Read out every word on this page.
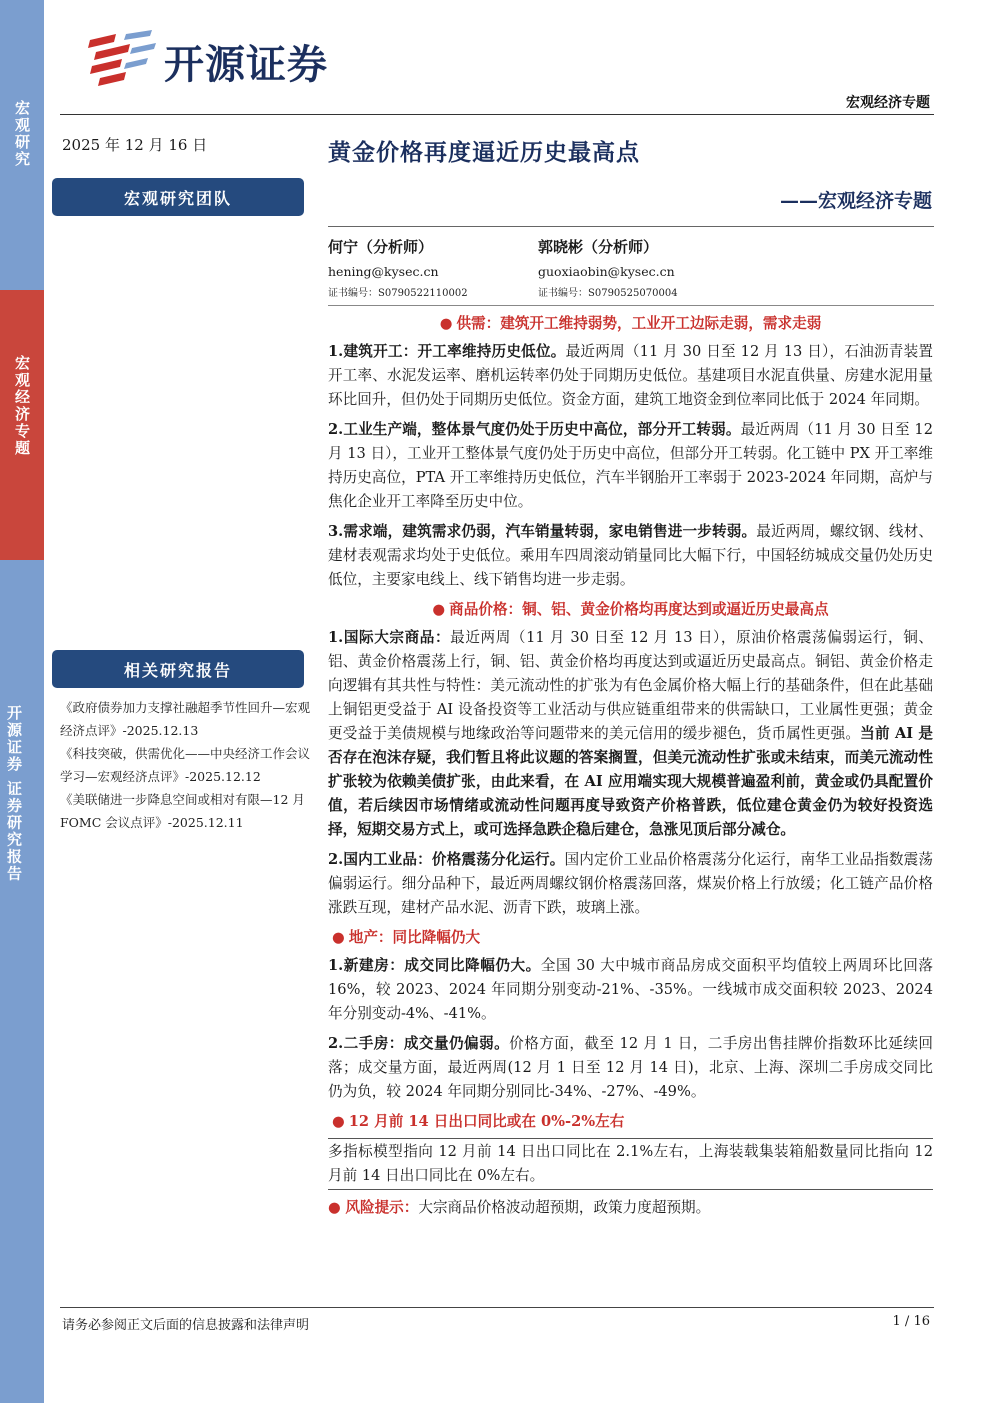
宏观研究
宏观经济专题
开源证券 证券研究报告
开源证券
宏观经济专题
2025 年 12 月 16 日
宏观研究团队
相关研究报告
《政府债券加力支撑社融超季节性回升—宏观经济点评》-2025.12.13
《科技突破，供需优化——中央经济工作会议学习—宏观经济点评》-2025.12.12
《美联储进一步降息空间或相对有限—12 月 FOMC 会议点评》-2025.12.11
黄金价格再度逼近历史最高点
——宏观经济专题
何宁（分析师）
hening@kysec.cn
证书编号：S0790522110002
郭晓彬（分析师）
guoxiaobin@kysec.cn
证书编号：S0790525070004
● 供需：建筑开工维持弱势，工业开工边际走弱，需求走弱
1.建筑开工：开工率维持历史低位。最近两周（11 月 30 日至 12 月 13 日），石油沥青装置开工率、水泥发运率、磨机运转率仍处于同期历史低位。基建项目水泥直供量、房建水泥用量环比回升，但仍处于同期历史低位。资金方面，建筑工地资金到位率同比低于 2024 年同期。
2.工业生产端，整体景气度仍处于历史中高位，部分开工转弱。最近两周（11 月 30 日至 12 月 13 日），工业开工整体景气度仍处于历史中高位，但部分开工转弱。化工链中 PX 开工率维持历史高位，PTA 开工率维持历史低位，汽车半钢胎开工率弱于 2023-2024 年同期，高炉与焦化企业开工率降至历史中位。
3.需求端，建筑需求仍弱，汽车销量转弱，家电销售进一步转弱。最近两周，螺纹钢、线材、建材表观需求均处于史低位。乘用车四周滚动销量同比大幅下行，中国轻纺城成交量仍处历史低位，主要家电线上、线下销售均进一步走弱。
● 商品价格：铜、铝、黄金价格均再度达到或逼近历史最高点
1.国际大宗商品：最近两周（11 月 30 日至 12 月 13 日），原油价格震荡偏弱运行，铜、铝、黄金价格震荡上行，铜、铝、黄金价格均再度达到或逼近历史最高点。铜铝、黄金价格走向逻辑有其共性与特性：美元流动性的扩张为有色金属价格大幅上行的基础条件，但在此基础上铜铝更受益于 AI 设备投资等工业活动与供应链重组带来的供需缺口，工业属性更强；黄金更受益于美债规模与地缘政治等问题带来的美元信用的缓步褪色，货币属性更强。当前 AI 是否存在泡沫存疑，我们暂且将此议题的答案搁置，但美元流动性扩张或未结束，而美元流动性扩张较为依赖美债扩张，由此来看，在 AI 应用端实现大规模普遍盈利前，黄金或仍具配置价值，若后续因市场情绪或流动性问题再度导致资产价格普跌，低位建仓黄金仍为较好投资选择，短期交易方式上，或可选择急跌企稳后建仓，急涨见顶后部分减仓。
2.国内工业品：价格震荡分化运行。国内定价工业品价格震荡分化运行，南华工业品指数震荡偏弱运行。细分品种下，最近两周螺纹钢价格震荡回落，煤炭价格上行放缓；化工链产品价格涨跌互现，建材产品水泥、沥青下跌，玻璃上涨。
● 地产：同比降幅仍大
1.新建房：成交同比降幅仍大。全国 30 大中城市商品房成交面积平均值较上两周环比回落 16%，较 2023、2024 年同期分别变动-21%、-35%。一线城市成交面积较 2023、2024 年分别变动-4%、-41%。
2.二手房：成交量仍偏弱。价格方面，截至 12 月 1 日，二手房出售挂牌价指数环比延续回落；成交量方面，最近两周(12 月 1 日至 12 月 14 日)，北京、上海、深圳二手房成交同比仍为负，较 2024 年同期分别同比-34%、-27%、-49%。
● 12 月前 14 日出口同比或在 0%-2%左右
多指标模型指向 12 月前 14 日出口同比在 2.1%左右，上海装载集装箱船数量同比指向 12 月前 14 日出口同比在 0%左右。
● 风险提示：大宗商品价格波动超预期，政策力度超预期。
请务必参阅正文后面的信息披露和法律声明	1 / 16
